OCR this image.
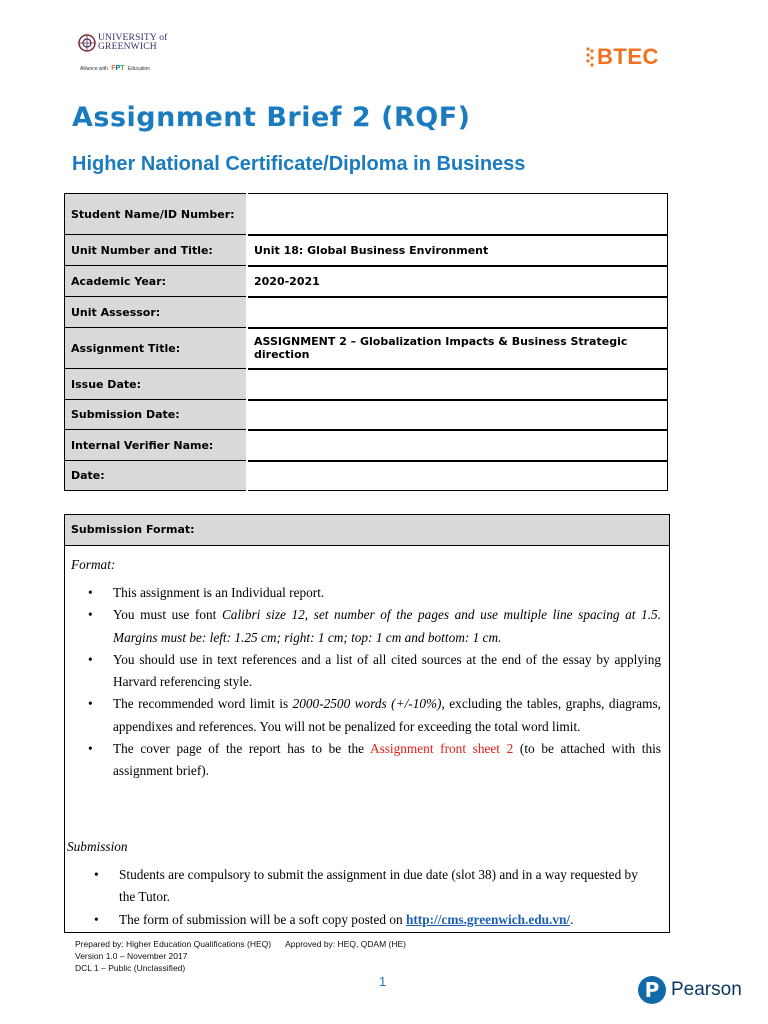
UNIVERSITY of
GREENWICH
Alliance with FPT Education	BTEC
Assignment Brief 2 (RQF)
Higher National Certificate/Diploma in Business
Student Name/ID Number:	
Unit Number and Title:	Unit 18: Global Business Environment
Academic Year:	2020-2021
Unit Assessor:	
Assignment Title:	ASSIGNMENT 2 – Globalization Impacts & Business Strategic direction
Issue Date:	
Submission Date:	
Internal Verifier Name:	
Date:	
Submission Format:
Format:
• This assignment is an Individual report.
• You must use font Calibri size 12, set number of the pages and use multiple line spacing at 1.5. Margins must be: left: 1.25 cm; right: 1 cm; top: 1 cm and bottom: 1 cm.
• You should use in text references and a list of all cited sources at the end of the essay by applying Harvard referencing style.
• The recommended word limit is 2000-2500 words (+/-10%), excluding the tables, graphs, diagrams, appendixes and references. You will not be penalized for exceeding the total word limit.
• The cover page of the report has to be the Assignment front sheet 2 (to be attached with this assignment brief).
Submission
• Students are compulsory to submit the assignment in due date (slot 38) and in a way requested by the Tutor.
• The form of submission will be a soft copy posted on http://cms.greenwich.edu.vn/.
Prepared by: Higher Education Qualifications (HEQ) Approved by: HEQ, QDAM (HE)
Version 1.0 – November 2017
DCL 1 – Public (Unclassified)
1	P Pearson
